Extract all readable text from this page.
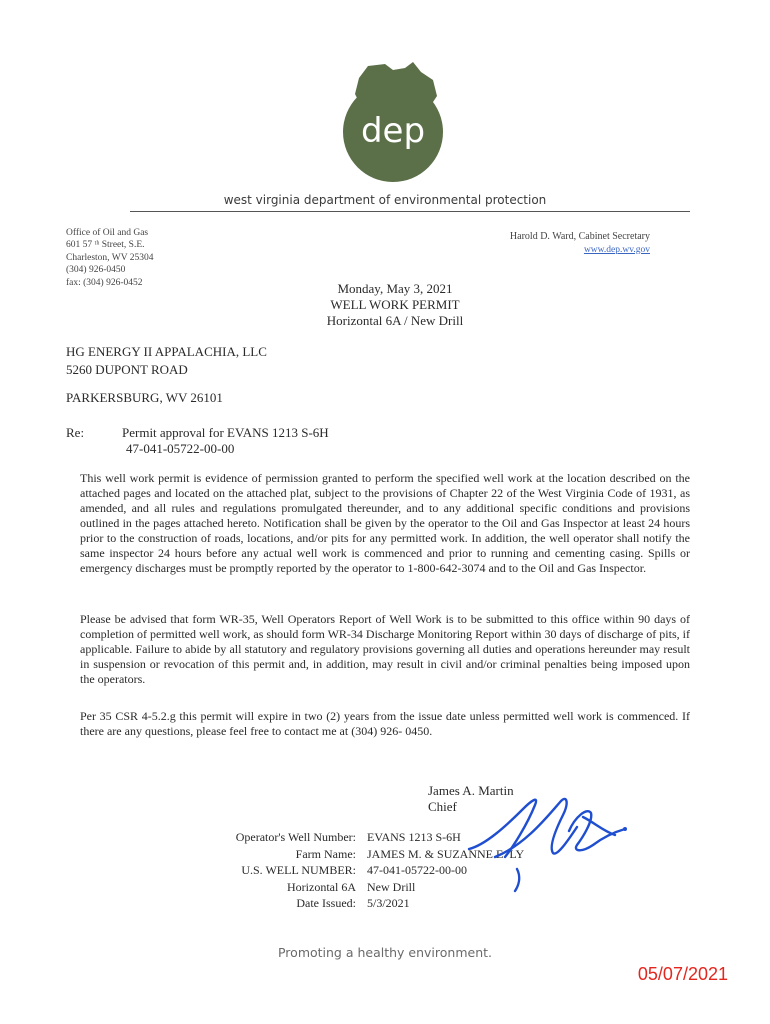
dep
west virginia department of environmental protection
Office of Oil and Gas
601 57 ᵗʰ Street, S.E.
Charleston, WV 25304
(304) 926-0450
fax: (304) 926-0452
Harold D. Ward, Cabinet Secretary
www.dep.wv.gov
Monday, May 3, 2021
WELL WORK PERMIT
Horizontal 6A / New Drill
HG ENERGY II APPALACHIA, LLC
5260 DUPONT ROAD
PARKERSBURG, WV 26101
Re:	Permit approval for EVANS 1213 S-6H
47-041-05722-00-00
This well work permit is evidence of permission granted to perform the specified well work at the location described on the attached pages and located on the attached plat, subject to the provisions of Chapter 22 of the West Virginia Code of 1931, as amended, and all rules and regulations promulgated thereunder, and to any additional specific conditions and provisions outlined in the pages attached hereto. Notification shall be given by the operator to the Oil and Gas Inspector at least 24 hours prior to the construction of roads, locations, and/or pits for any permitted work. In addition, the well operator shall notify the same inspector 24 hours before any actual well work is commenced and prior to running and cementing casing. Spills or emergency discharges must be promptly reported by the operator to 1-800-642-3074 and to the Oil and Gas Inspector.
Please be advised that form WR-35, Well Operators Report of Well Work is to be submitted to this office within 90 days of completion of permitted well work, as should form WR-34 Discharge Monitoring Report within 30 days of discharge of pits, if applicable. Failure to abide by all statutory and regulatory provisions governing all duties and operations hereunder may result in suspension or revocation of this permit and, in addition, may result in civil and/or criminal penalties being imposed upon the operators.
Per 35 CSR 4-5.2.g this permit will expire in two (2) years from the issue date unless permitted well work is commenced. If there are any questions, please feel free to contact me at (304) 926- 0450.
James A. Martin
Chief
Operator's Well Number:
Farm Name:
U.S. WELL NUMBER:
Horizontal 6A
Date Issued:
EVANS 1213 S-6H
JAMES M. & SUZANNE E. LY
47-041-05722-00-00
New Drill
5/3/2021
Promoting a healthy environment.
05/07/2021
